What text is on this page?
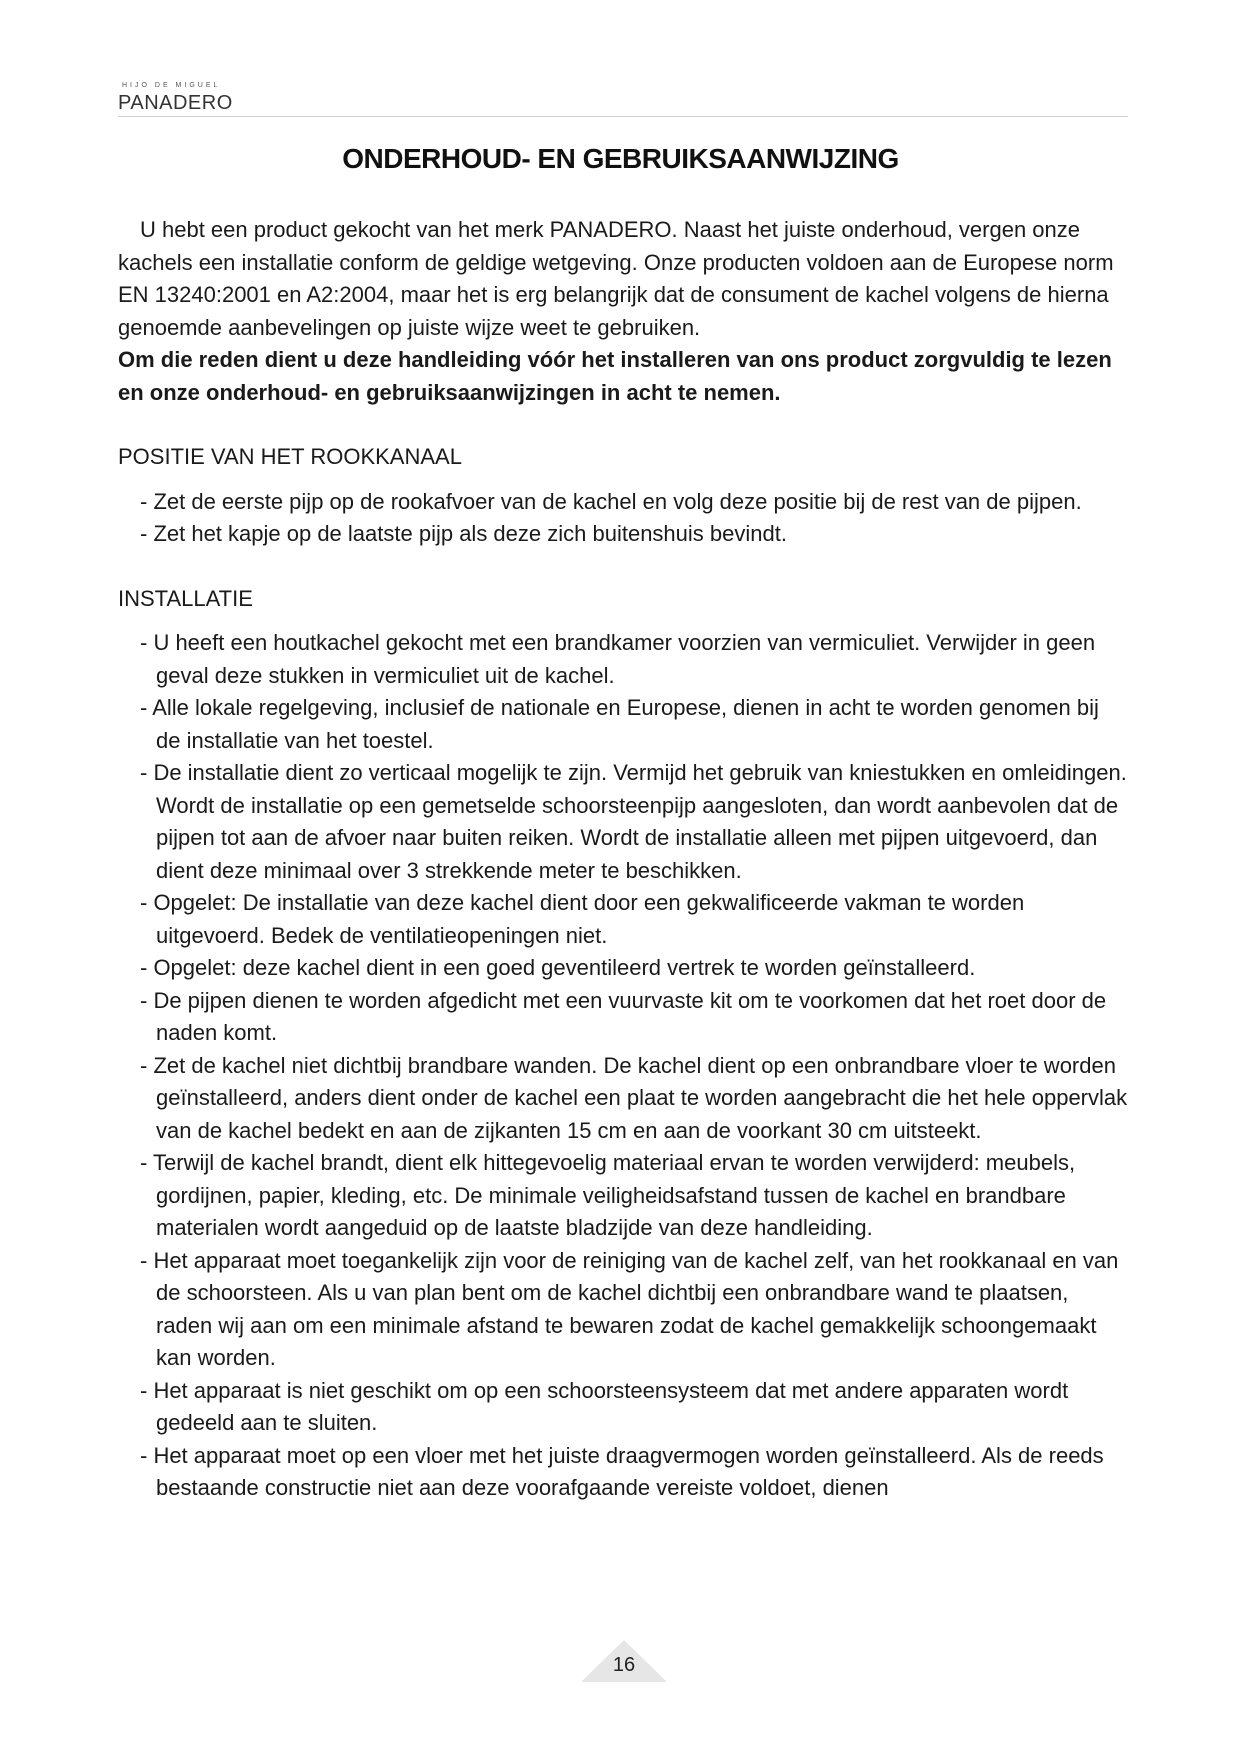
HIJO DE MIGUEL
PANADERO
ONDERHOUD- EN GEBRUIKSAANWIJZING

U hebt een product gekocht van het merk PANADERO. Naast het juiste onderhoud, vergen onze kachels een installatie conform de geldige wetgeving. Onze producten voldoen aan de Europese norm EN 13240:2001 en A2:2004, maar het is erg belangrijk dat de consument de kachel volgens de hierna genoemde aanbevelingen op juiste wijze weet te gebruiken.

Om die reden dient u deze handleiding vóór het installeren van ons product zorgvuldig te lezen en onze onderhoud- en gebruiksaanwijzingen in acht te nemen.

POSITIE VAN HET ROOKKANAAL
- Zet de eerste pijp op de rookafvoer van de kachel en volg deze positie bij de rest van de pijpen.
- Zet het kapje op de laatste pijp als deze zich buitenshuis bevindt.
INSTALLATIE
- U heeft een houtkachel gekocht met een brandkamer voorzien van vermiculiet. Verwijder in geen geval deze stukken in vermiculiet uit de kachel.
- Alle lokale regelgeving, inclusief de nationale en Europese, dienen in acht te worden genomen bij de installatie van het toestel.
- De installatie dient zo verticaal mogelijk te zijn. Vermijd het gebruik van kniestukken en omleidingen. Wordt de installatie op een gemetselde schoorsteenpijp aangesloten, dan wordt aanbevolen dat de pijpen tot aan de afvoer naar buiten reiken. Wordt de installatie alleen met pijpen uitgevoerd, dan dient deze minimaal over 3 strekkende meter te beschikken.
- Opgelet: De installatie van deze kachel dient door een gekwalificeerde vakman te worden uitgevoerd. Bedek de ventilatieopeningen niet.
- Opgelet: deze kachel dient in een goed geventileerd vertrek te worden geïnstalleerd.
- De pijpen dienen te worden afgedicht met een vuurvaste kit om te voorkomen dat het roet door de naden komt.
- Zet de kachel niet dichtbij brandbare wanden. De kachel dient op een onbrandbare vloer te worden geïnstalleerd, anders dient onder de kachel een plaat te worden aangebracht die het hele oppervlak van de kachel bedekt en aan de zijkanten 15 cm en aan de voorkant 30 cm uitsteekt.
- Terwijl de kachel brandt, dient elk hittegevoelig materiaal ervan te worden verwijderd: meubels, gordijnen, papier, kleding, etc. De minimale veiligheidsafstand tussen de kachel en brandbare materialen wordt aangeduid op de laatste bladzijde van deze handleiding.
- Het apparaat moet toegankelijk zijn voor de reiniging van de kachel zelf, van het rookkanaal en van de schoorsteen. Als u van plan bent om de kachel dichtbij een onbrandbare wand te plaatsen, raden wij aan om een minimale afstand te bewaren zodat de kachel gemakkelijk schoongemaakt kan worden.
- Het apparaat is niet geschikt om op een schoorsteensysteem dat met andere apparaten wordt gedeeld aan te sluiten.
- Het apparaat moet op een vloer met het juiste draagvermogen worden geïnstalleerd. Als de reeds bestaande constructie niet aan deze voorafgaande vereiste voldoet, dienen
16
